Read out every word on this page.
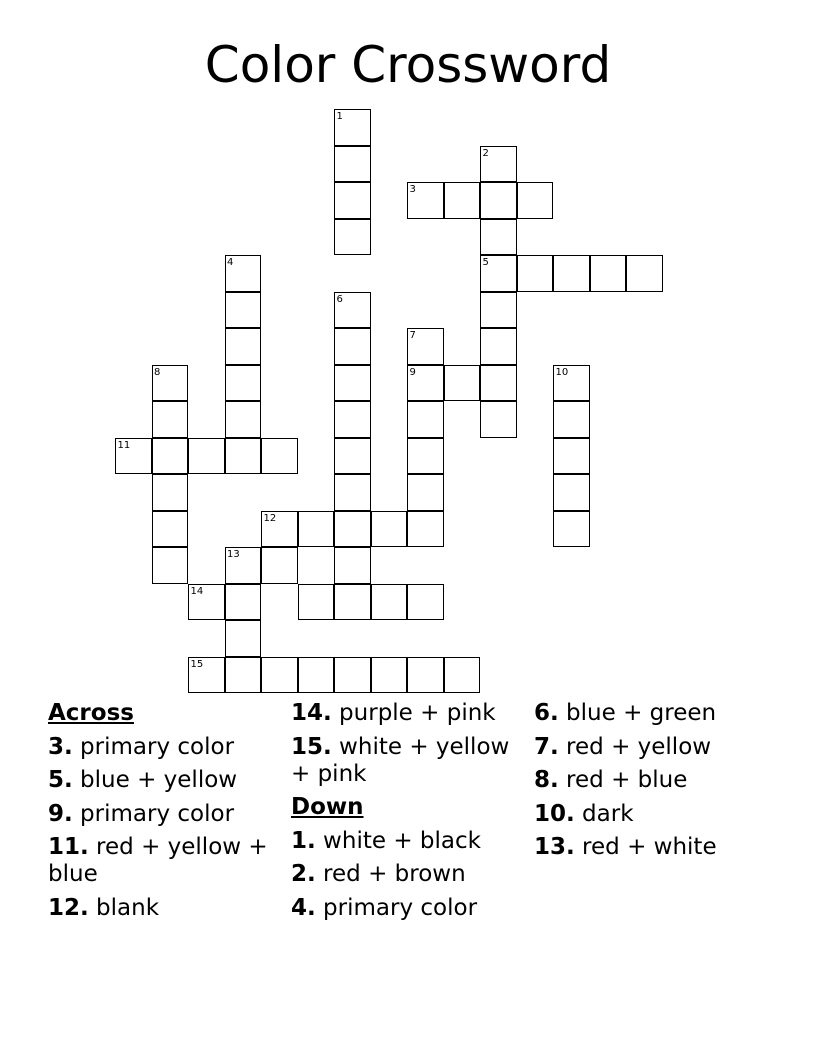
Color Crossword
1
2
3
4	5
6
7
8	9	10
11
12
13
14
15
Across
3. primary color
5. blue + yellow
9. primary color
11. red + yellow + blue
12. blank
14. purple + pink
15. white + yellow + pink
Down
1. white + black
2. red + brown
4. primary color
6. blue + green
7. red + yellow
8. red + blue
10. dark
13. red + white
